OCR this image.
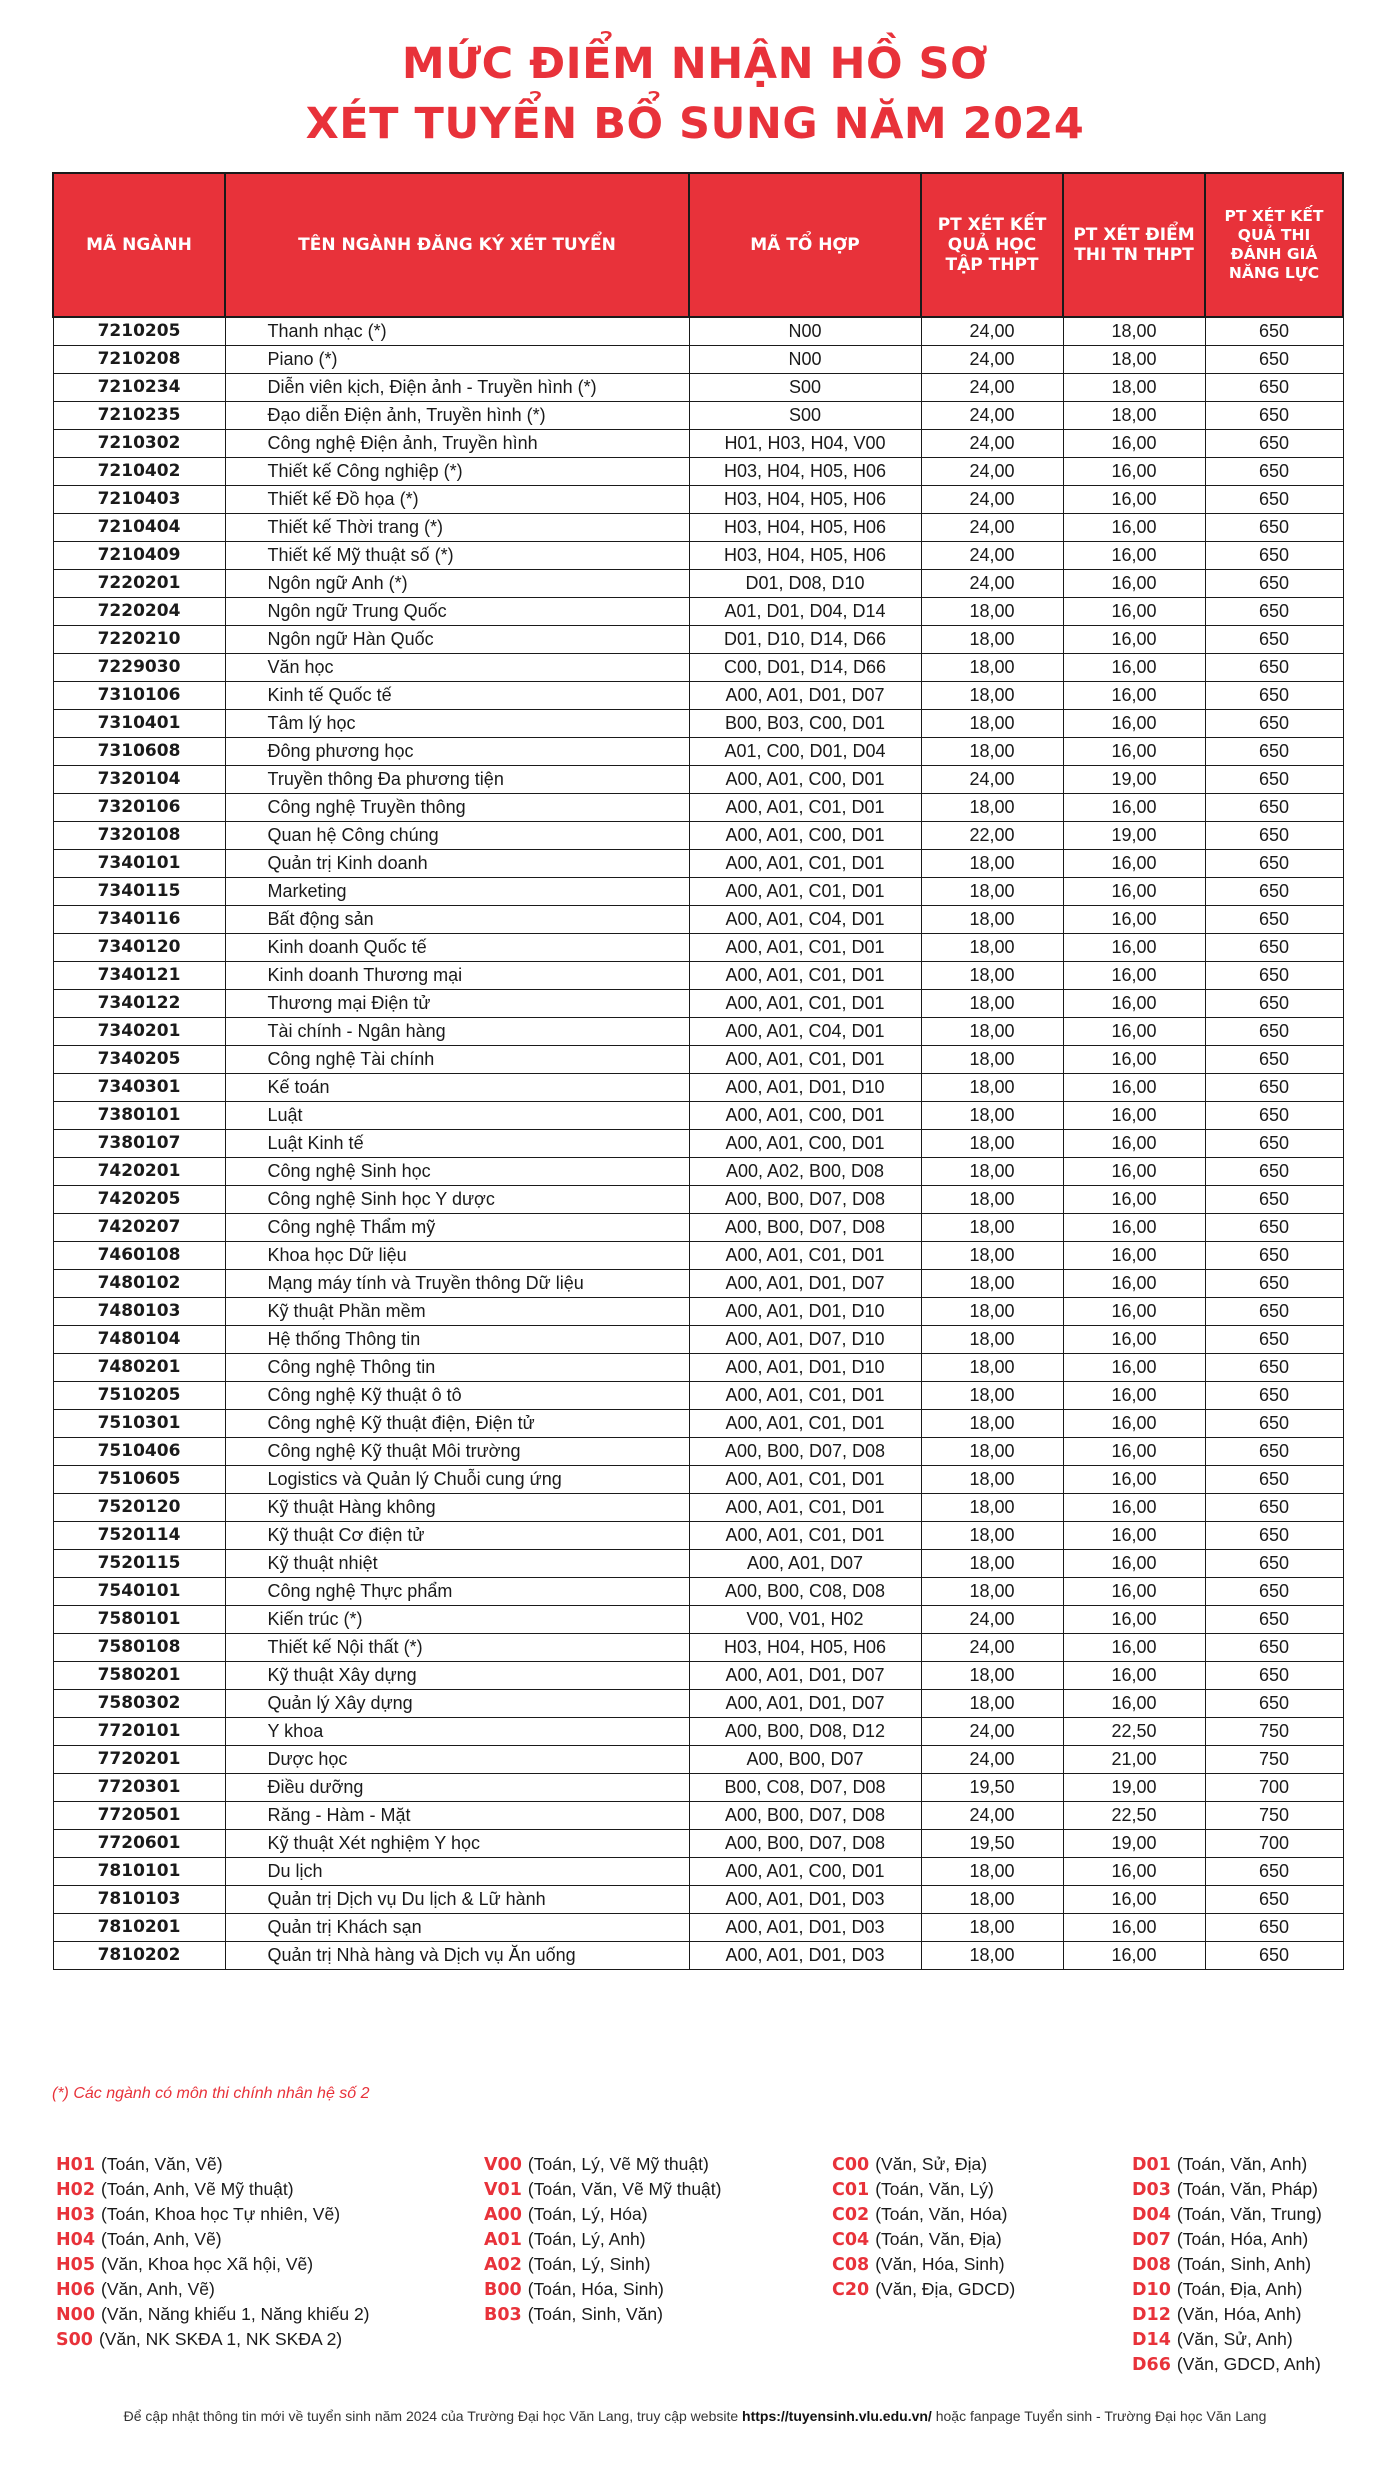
MỨC ĐIỂM NHẬN HỒ SƠ
XÉT TUYỂN BỔ SUNG NĂM 2024
MÃ NGÀNH	TÊN NGÀNH ĐĂNG KÝ XÉT TUYỂN	MÃ TỔ HỢP	PT XÉT KẾT QUẢ HỌC TẬP THPT	PT XÉT ĐIỂM THI TN THPT	PT XÉT KẾT QUẢ THI ĐÁNH GIÁ NĂNG LỰC
7210205	Thanh nhạc (*)	N00	24,00	18,00	650
7210208	Piano (*)	N00	24,00	18,00	650
7210234	Diễn viên kịch, Điện ảnh - Truyền hình (*)	S00	24,00	18,00	650
7210235	Đạo diễn Điện ảnh, Truyền hình (*)	S00	24,00	18,00	650
7210302	Công nghệ Điện ảnh, Truyền hình	H01, H03, H04, V00	24,00	16,00	650
7210402	Thiết kế Công nghiệp (*)	H03, H04, H05, H06	24,00	16,00	650
7210403	Thiết kế Đồ họa (*)	H03, H04, H05, H06	24,00	16,00	650
7210404	Thiết kế Thời trang (*)	H03, H04, H05, H06	24,00	16,00	650
7210409	Thiết kế Mỹ thuật số (*)	H03, H04, H05, H06	24,00	16,00	650
7220201	Ngôn ngữ Anh (*)	D01, D08, D10	24,00	16,00	650
7220204	Ngôn ngữ Trung Quốc	A01, D01, D04, D14	18,00	16,00	650
7220210	Ngôn ngữ Hàn Quốc	D01, D10, D14, D66	18,00	16,00	650
7229030	Văn học	C00, D01, D14, D66	18,00	16,00	650
7310106	Kinh tế Quốc tế	A00, A01, D01, D07	18,00	16,00	650
7310401	Tâm lý học	B00, B03, C00, D01	18,00	16,00	650
7310608	Đông phương học	A01, C00, D01, D04	18,00	16,00	650
7320104	Truyền thông Đa phương tiện	A00, A01, C00, D01	24,00	19,00	650
7320106	Công nghệ Truyền thông	A00, A01, C01, D01	18,00	16,00	650
7320108	Quan hệ Công chúng	A00, A01, C00, D01	22,00	19,00	650
7340101	Quản trị Kinh doanh	A00, A01, C01, D01	18,00	16,00	650
7340115	Marketing	A00, A01, C01, D01	18,00	16,00	650
7340116	Bất động sản	A00, A01, C04, D01	18,00	16,00	650
7340120	Kinh doanh Quốc tế	A00, A01, C01, D01	18,00	16,00	650
7340121	Kinh doanh Thương mại	A00, A01, C01, D01	18,00	16,00	650
7340122	Thương mại Điện tử	A00, A01, C01, D01	18,00	16,00	650
7340201	Tài chính - Ngân hàng	A00, A01, C04, D01	18,00	16,00	650
7340205	Công nghệ Tài chính	A00, A01, C01, D01	18,00	16,00	650
7340301	Kế toán	A00, A01, D01, D10	18,00	16,00	650
7380101	Luật	A00, A01, C00, D01	18,00	16,00	650
7380107	Luật Kinh tế	A00, A01, C00, D01	18,00	16,00	650
7420201	Công nghệ Sinh học	A00, A02, B00, D08	18,00	16,00	650
7420205	Công nghệ Sinh học Y dược	A00, B00, D07, D08	18,00	16,00	650
7420207	Công nghệ Thẩm mỹ	A00, B00, D07, D08	18,00	16,00	650
7460108	Khoa học Dữ liệu	A00, A01, C01, D01	18,00	16,00	650
7480102	Mạng máy tính và Truyền thông Dữ liệu	A00, A01, D01, D07	18,00	16,00	650
7480103	Kỹ thuật Phần mềm	A00, A01, D01, D10	18,00	16,00	650
7480104	Hệ thống Thông tin	A00, A01, D07, D10	18,00	16,00	650
7480201	Công nghệ Thông tin	A00, A01, D01, D10	18,00	16,00	650
7510205	Công nghệ Kỹ thuật ô tô	A00, A01, C01, D01	18,00	16,00	650
7510301	Công nghệ Kỹ thuật điện, Điện tử	A00, A01, C01, D01	18,00	16,00	650
7510406	Công nghệ Kỹ thuật Môi trường	A00, B00, D07, D08	18,00	16,00	650
7510605	Logistics và Quản lý Chuỗi cung ứng	A00, A01, C01, D01	18,00	16,00	650
7520120	Kỹ thuật Hàng không	A00, A01, C01, D01	18,00	16,00	650
7520114	Kỹ thuật Cơ điện tử	A00, A01, C01, D01	18,00	16,00	650
7520115	Kỹ thuật nhiệt	A00, A01, D07	18,00	16,00	650
7540101	Công nghệ Thực phẩm	A00, B00, C08, D08	18,00	16,00	650
7580101	Kiến trúc (*)	V00, V01, H02	24,00	16,00	650
7580108	Thiết kế Nội thất (*)	H03, H04, H05, H06	24,00	16,00	650
7580201	Kỹ thuật Xây dựng	A00, A01, D01, D07	18,00	16,00	650
7580302	Quản lý Xây dựng	A00, A01, D01, D07	18,00	16,00	650
7720101	Y khoa	A00, B00, D08, D12	24,00	22,50	750
7720201	Dược học	A00, B00, D07	24,00	21,00	750
7720301	Điều dưỡng	B00, C08, D07, D08	19,50	19,00	700
7720501	Răng - Hàm - Mặt	A00, B00, D07, D08	24,00	22,50	750
7720601	Kỹ thuật Xét nghiệm Y học	A00, B00, D07, D08	19,50	19,00	700
7810101	Du lịch	A00, A01, C00, D01	18,00	16,00	650
7810103	Quản trị Dịch vụ Du lịch & Lữ hành	A00, A01, D01, D03	18,00	16,00	650
7810201	Quản trị Khách sạn	A00, A01, D01, D03	18,00	16,00	650
7810202	Quản trị Nhà hàng và Dịch vụ Ăn uống	A00, A01, D01, D03	18,00	16,00	650
(*) Các ngành có môn thi chính nhân hệ số 2
H01 (Toán, Văn, Vẽ)
H02 (Toán, Anh, Vẽ Mỹ thuật)
H03 (Toán, Khoa học Tự nhiên, Vẽ)
H04 (Toán, Anh, Vẽ)
H05 (Văn, Khoa học Xã hội, Vẽ)
H06 (Văn, Anh, Vẽ)
N00 (Văn, Năng khiếu 1, Năng khiếu 2)
S00 (Văn, NK SKĐA 1, NK SKĐA 2)
V00 (Toán, Lý, Vẽ Mỹ thuật)
V01 (Toán, Văn, Vẽ Mỹ thuật)
A00 (Toán, Lý, Hóa)
A01 (Toán, Lý, Anh)
A02 (Toán, Lý, Sinh)
B00 (Toán, Hóa, Sinh)
B03 (Toán, Sinh, Văn)
C00 (Văn, Sử, Địa)
C01 (Toán, Văn, Lý)
C02 (Toán, Văn, Hóa)
C04 (Toán, Văn, Địa)
C08 (Văn, Hóa, Sinh)
C20 (Văn, Địa, GDCD)
D01 (Toán, Văn, Anh)
D03 (Toán, Văn, Pháp)
D04 (Toán, Văn, Trung)
D07 (Toán, Hóa, Anh)
D08 (Toán, Sinh, Anh)
D10 (Toán, Địa, Anh)
D12 (Văn, Hóa, Anh)
D14 (Văn, Sử, Anh)
D66 (Văn, GDCD, Anh)
Để cập nhật thông tin mới về tuyển sinh năm 2024 của Trường Đại học Văn Lang, truy cập website https://tuyensinh.vlu.edu.vn/ hoặc fanpage Tuyển sinh - Trường Đại học Văn Lang
